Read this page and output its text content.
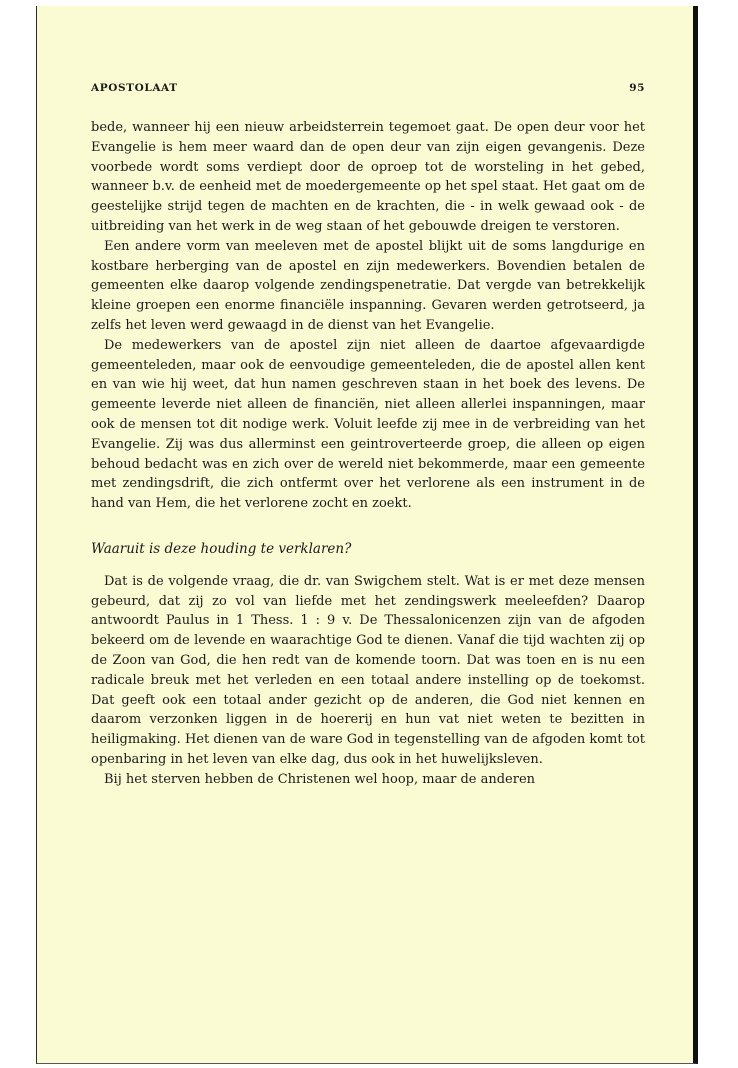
APOSTOLAAT	95

bede, wanneer hij een nieuw arbeidsterrein tegemoet gaat. De open deur voor het Evangelie is hem meer waard dan de open deur van zijn eigen gevangenis. Deze voorbede wordt soms verdiept door de oproep tot de worsteling in het gebed, wanneer b.v. de eenheid met de moedergemeente op het spel staat. Het gaat om de geestelijke strijd tegen de machten en de krachten, die - in welk gewaad ook - de uitbreiding van het werk in de weg staan of het gebouwde dreigen te verstoren.

Een andere vorm van meeleven met de apostel blijkt uit de soms langdurige en kostbare herberging van de apostel en zijn medewerkers. Bovendien betalen de gemeenten elke daarop volgende zendingspenetratie. Dat vergde van betrekkelijk kleine groepen een enorme financiële inspanning. Gevaren werden getrotseerd, ja zelfs het leven werd gewaagd in de dienst van het Evangelie.

De medewerkers van de apostel zijn niet alleen de daartoe afgevaardigde gemeenteleden, maar ook de eenvoudige gemeenteleden, die de apostel allen kent en van wie hij weet, dat hun namen geschreven staan in het boek des levens. De gemeente leverde niet alleen de financiën, niet alleen allerlei inspanningen, maar ook de mensen tot dit nodige werk. Voluit leefde zij mee in de verbreiding van het Evangelie. Zij was dus allerminst een geintroverteerde groep, die alleen op eigen behoud bedacht was en zich over de wereld niet bekommerde, maar een gemeente met zendingsdrift, die zich ontfermt over het verlorene als een instrument in de hand van Hem, die het verlorene zocht en zoekt.

Waaruit is deze houding te verklaren?

Dat is de volgende vraag, die dr. van Swigchem stelt. Wat is er met deze mensen gebeurd, dat zij zo vol van liefde met het zendingswerk meeleefden? Daarop antwoordt Paulus in 1 Thess. 1 : 9 v. De Thessalonicenzen zijn van de afgoden bekeerd om de levende en waarachtige God te dienen. Vanaf die tijd wachten zij op de Zoon van God, die hen redt van de komende toorn. Dat was toen en is nu een radicale breuk met het verleden en een totaal andere instelling op de toekomst. Dat geeft ook een totaal ander gezicht op de anderen, die God niet kennen en daarom verzonken liggen in de hoererij en hun vat niet weten te bezitten in heiligmaking. Het dienen van de ware God in tegenstelling van de afgoden komt tot openbaring in het leven van elke dag, dus ook in het huwelijksleven.

Bij het sterven hebben de Christenen wel hoop, maar de anderen
